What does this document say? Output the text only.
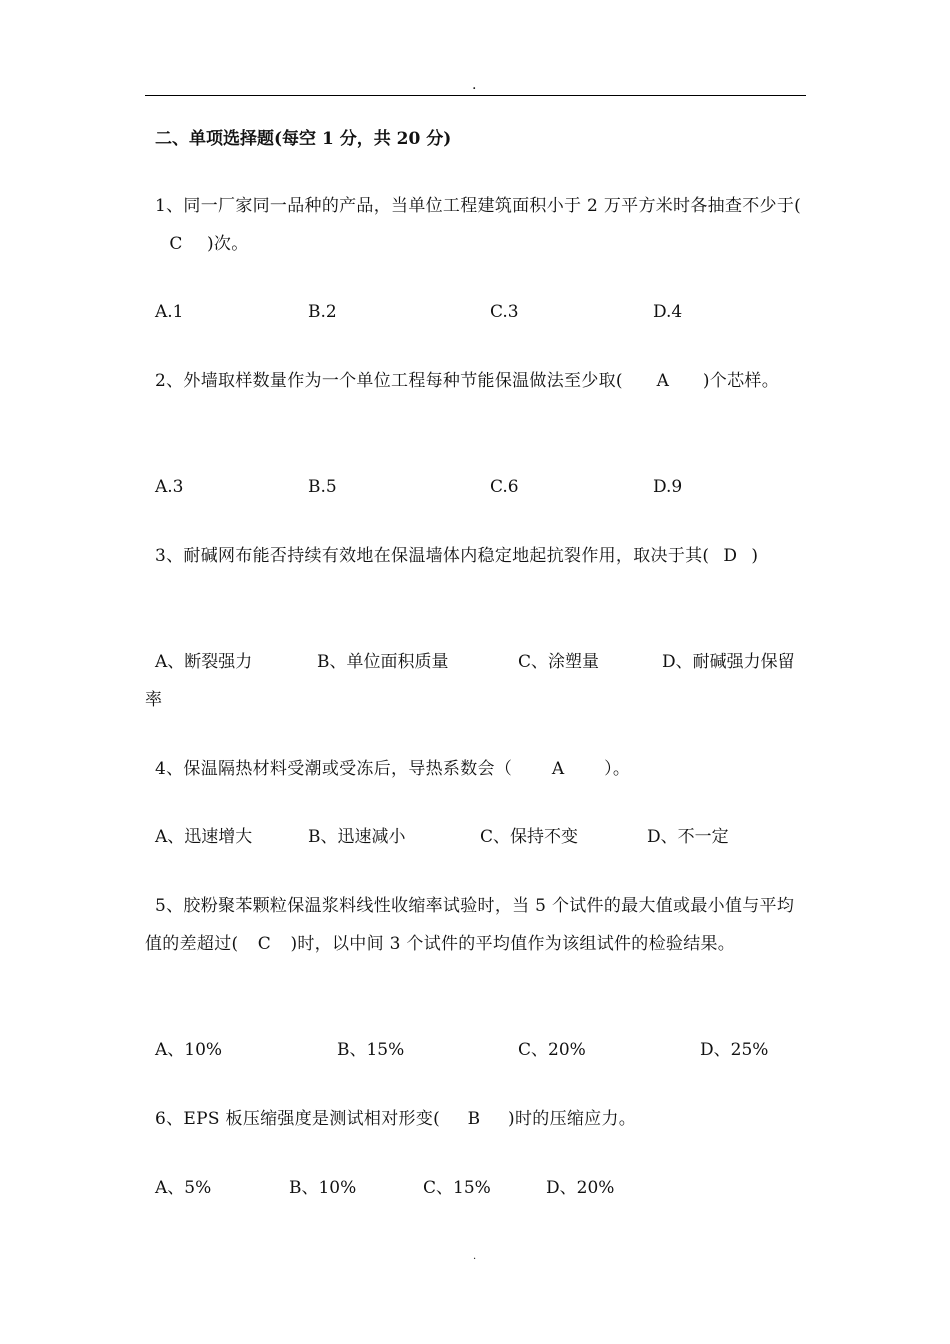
.
二、单项选择题(每空 1 分，共 20 分)
1、同一厂家同一品种的产品，当单位工程建筑面积小于 2 万平方米时各抽查不少于(C )次。
A.1	B.2	C.3	D.4
2、外墙取样数量作为一个单位工程每种节能保温做法至少取( A )个芯样。
A.3	B.5	C.6	D.9
3、耐碱网布能否持续有效地在保温墙体内稳定地起抗裂作用，取决于其( D )
A、断裂强力	B、单位面积质量	C、涂塑量	D、耐碱强力保留
率
4、保温隔热材料受潮或受冻后，导热系数会（ A ）。
A、迅速增大	B、迅速减小	C、保持不变	D、不一定
5、胶粉聚苯颗粒保温浆料线性收缩率试验时，当 5 个试件的最大值或最小值与平均值的差超过( C )时，以中间 3 个试件的平均值作为该组试件的检验结果。
A、10%	B、15%	C、20%	D、25%
6、EPS 板压缩强度是测试相对形变( B )时的压缩应力。
A、5%	B、10%	C、15%	D、20%
.
